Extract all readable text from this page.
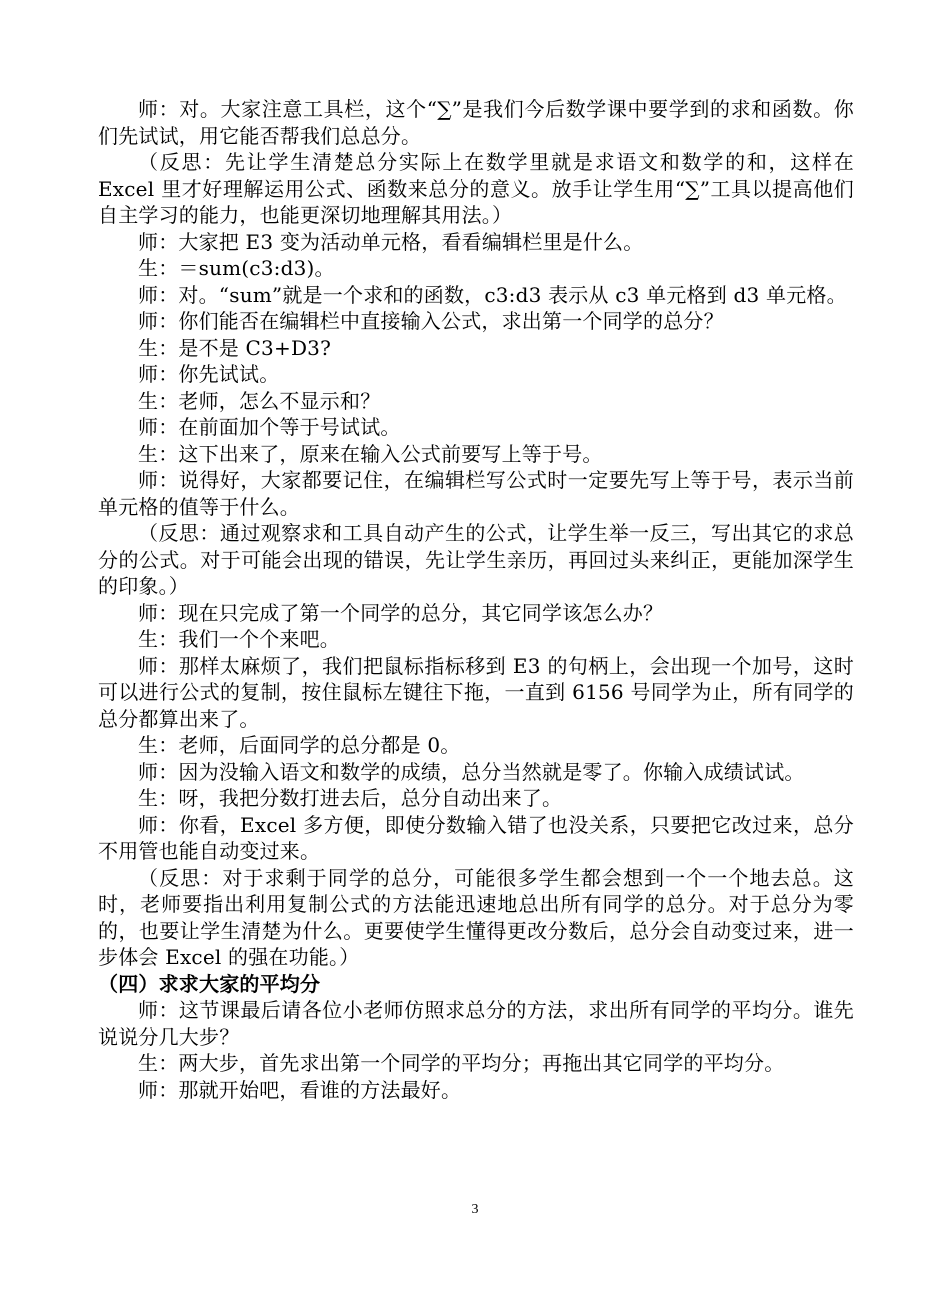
师：对。大家注意工具栏，这个“∑”是我们今后数学课中要学到的求和函数。你们先试试，用它能否帮我们总总分。

（反思：先让学生清楚总分实际上在数学里就是求语文和数学的和，这样在 Excel 里才好理解运用公式、函数来总分的意义。放手让学生用“∑”工具以提高他们自主学习的能力，也能更深切地理解其用法。）

师：大家把 E3 变为活动单元格，看看编辑栏里是什么。

生：＝sum(c3:d3)。

师：对。“sum”就是一个求和的函数，c3:d3 表示从 c3 单元格到 d3 单元格。

师：你们能否在编辑栏中直接输入公式，求出第一个同学的总分？

生：是不是 C3+D3?

师：你先试试。

生：老师，怎么不显示和？

师：在前面加个等于号试试。

生：这下出来了，原来在输入公式前要写上等于号。

师：说得好，大家都要记住，在编辑栏写公式时一定要先写上等于号，表示当前单元格的值等于什么。

（反思：通过观察求和工具自动产生的公式，让学生举一反三，写出其它的求总分的公式。对于可能会出现的错误，先让学生亲历，再回过头来纠正，更能加深学生的印象。）

师：现在只完成了第一个同学的总分，其它同学该怎么办？

生：我们一个个来吧。

师：那样太麻烦了，我们把鼠标指标移到 E3 的句柄上，会出现一个加号，这时可以进行公式的复制，按住鼠标左键往下拖，一直到 6156 号同学为止，所有同学的总分都算出来了。

生：老师，后面同学的总分都是 0。

师：因为没输入语文和数学的成绩，总分当然就是零了。你输入成绩试试。

生：呀，我把分数打进去后，总分自动出来了。

师：你看，Excel 多方便，即使分数输入错了也没关系，只要把它改过来，总分不用管也能自动变过来。

（反思：对于求剩于同学的总分，可能很多学生都会想到一个一个地去总。这时，老师要指出利用复制公式的方法能迅速地总出所有同学的总分。对于总分为零的，也要让学生清楚为什么。更要使学生懂得更改分数后，总分会自动变过来，进一步体会 Excel 的强在功能。）

（四）求求大家的平均分

师：这节课最后请各位小老师仿照求总分的方法，求出所有同学的平均分。谁先说说分几大步？

生：两大步，首先求出第一个同学的平均分；再拖出其它同学的平均分。

师：那就开始吧，看谁的方法最好。

3
